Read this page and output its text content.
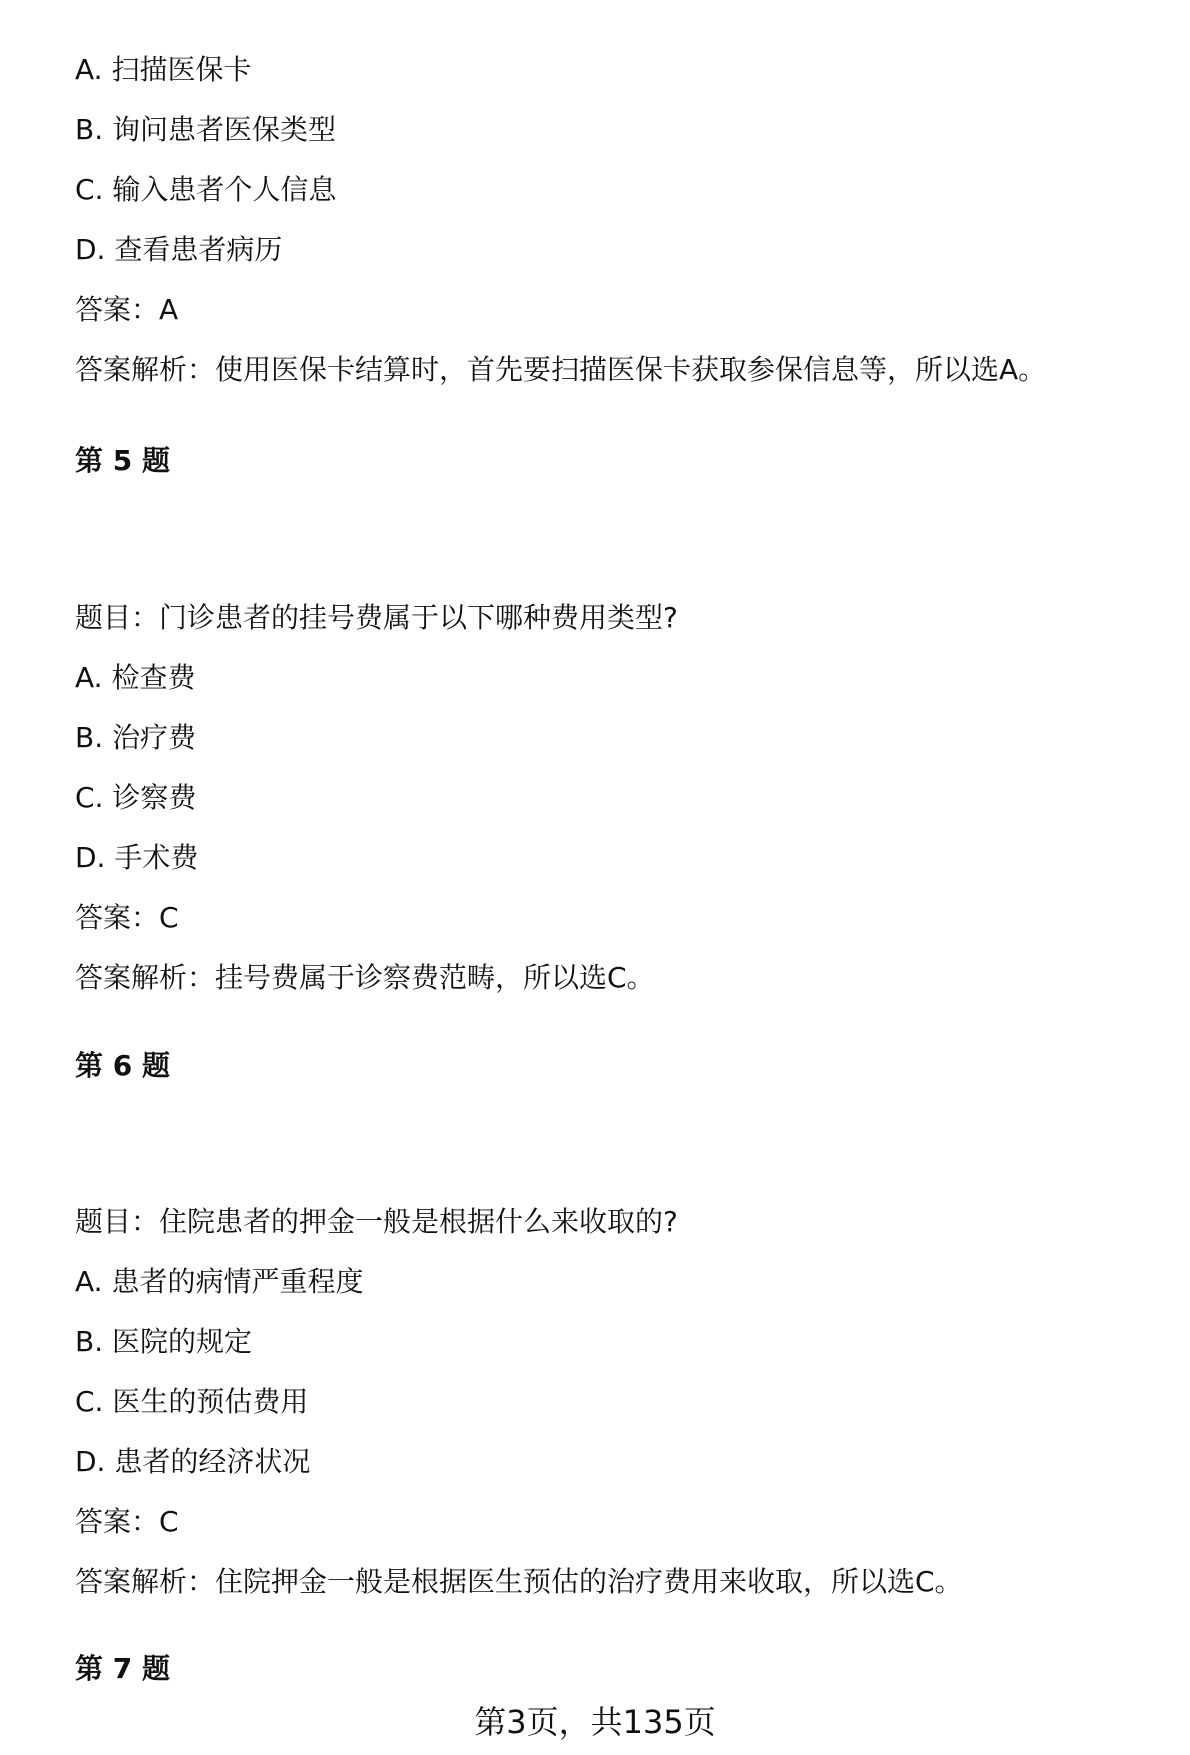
A. 扫描医保卡
B. 询问患者医保类型
C. 输入患者个人信息
D. 查看患者病历
答案：A
答案解析：使用医保卡结算时，首先要扫描医保卡获取参保信息等，所以选A。
第 5 题
题目：门诊患者的挂号费属于以下哪种费用类型?
A. 检查费
B. 治疗费
C. 诊察费
D. 手术费
答案：C
答案解析：挂号费属于诊察费范畴，所以选C。
第 6 题
题目：住院患者的押金一般是根据什么来收取的?
A. 患者的病情严重程度
B. 医院的规定
C. 医生的预估费用
D. 患者的经济状况
答案：C
答案解析：住院押金一般是根据医生预估的治疗费用来收取，所以选C。
第 7 题
第3页，共135页
